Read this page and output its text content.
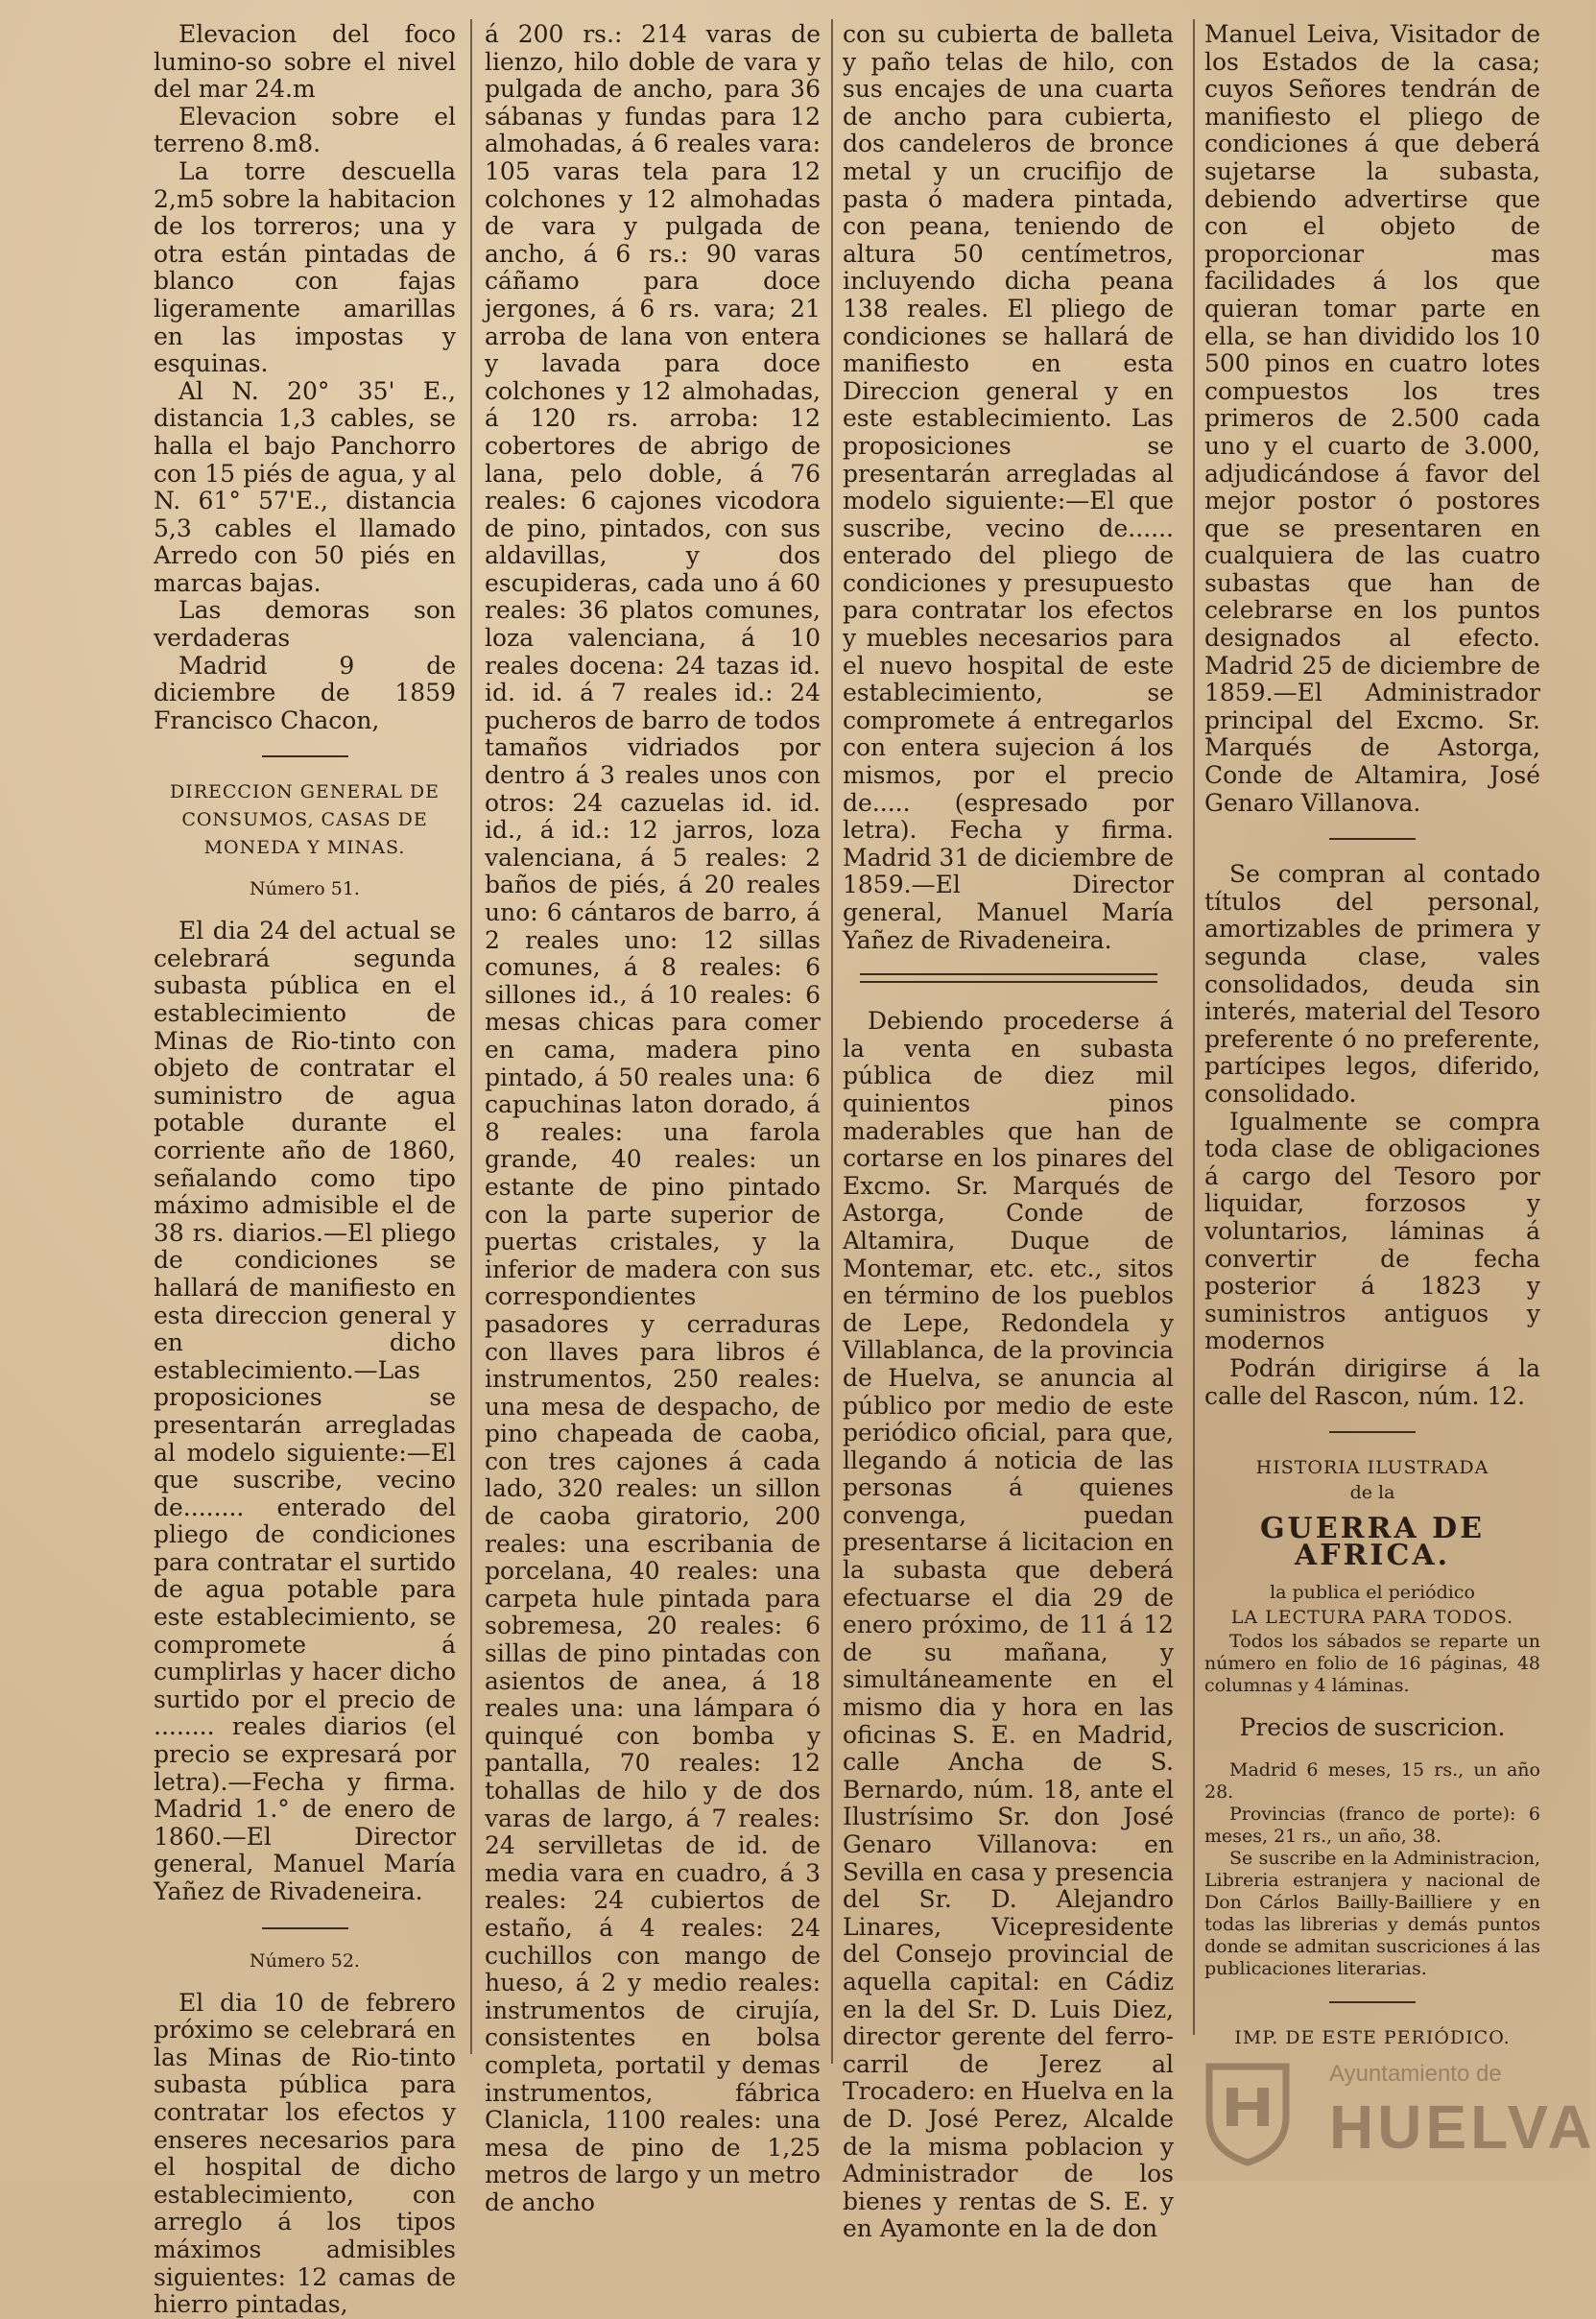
Elevacion del foco lumino-so sobre el nivel del mar 24.m

Elevacion sobre el terreno 8.m8.

La torre descuella 2,m5 sobre la habitacion de los torreros; una y otra están pintadas de blanco con fajas ligeramente amarillas en las impostas y esquinas.

Al N. 20° 35' E., distancia 1,3 cables, se halla el bajo Panchorro con 15 piés de agua, y al N. 61° 57'E., distancia 5,3 cables el llamado Arredo con 50 piés en marcas bajas.

Las demoras son verdaderas

Madrid 9 de diciembre de 1859 Francisco Chacon,

DIRECCION GENERAL DE CONSUMOS, CASAS DE MONEDA Y MINAS.

Número 51.

El dia 24 del actual se celebrará segunda subasta pública en el establecimiento de Minas de Rio-tinto con objeto de contratar el suministro de agua potable durante el corriente año de 1860, señalando como tipo máximo admisible el de 38 rs. diarios.—El pliego de condiciones se hallará de manifiesto en esta direccion general y en dicho establecimiento.—Las proposiciones se presentarán arregladas al modelo siguiente:—El que suscribe, vecino de........ enterado del pliego de condiciones para contratar el surtido de agua potable para este establecimiento, se compromete á cumplirlas y hacer dicho surtido por el precio de ........ reales diarios (el precio se expresará por letra).—Fecha y firma. Madrid 1.° de enero de 1860.—El Director general, Manuel María Yañez de Rivadeneira.

Número 52.

El dia 10 de febrero próximo se celebrará en las Minas de Rio-tinto subasta pública para contratar los efectos y enseres necesarios para el hospital de dicho establecimiento, con arreglo á los tipos máximos admisibles siguientes: 12 camas de hierro pintadas,

á 200 rs.: 214 varas de lienzo, hilo doble de vara y pulgada de ancho, para 36 sábanas y fundas para 12 almohadas, á 6 reales vara: 105 varas tela para 12 colchones y 12 almohadas de vara y pulgada de ancho, á 6 rs.: 90 varas cáñamo para doce jergones, á 6 rs. vara; 21 arroba de lana von entera y lavada para doce colchones y 12 almohadas, á 120 rs. arroba: 12 cobertores de abrigo de lana, pelo doble, á 76 reales: 6 cajones vicodora de pino, pintados, con sus aldavillas, y dos escupideras, cada uno á 60 reales: 36 platos comunes, loza valenciana, á 10 reales docena: 24 tazas id. id. id. á 7 reales id.: 24 pucheros de barro de todos tamaños vidriados por dentro á 3 reales unos con otros: 24 cazuelas id. id. id., á id.: 12 jarros, loza valenciana, á 5 reales: 2 baños de piés, á 20 reales uno: 6 cántaros de barro, á 2 reales uno: 12 sillas comunes, á 8 reales: 6 sillones id., á 10 reales: 6 mesas chicas para comer en cama, madera pino pintado, á 50 reales una: 6 capuchinas laton dorado, á 8 reales: una farola grande, 40 reales: un estante de pino pintado con la parte superior de puertas cristales, y la inferior de madera con sus correspondientes pasadores y cerraduras con llaves para libros é instrumentos, 250 reales: una mesa de despacho, de pino chapeada de caoba, con tres cajones á cada lado, 320 reales: un sillon de caoba giratorio, 200 reales: una escribania de porcelana, 40 reales: una carpeta hule pintada para sobremesa, 20 reales: 6 sillas de pino pintadas con asientos de anea, á 18 reales una: una lámpara ó quinqué con bomba y pantalla, 70 reales: 12 tohallas de hilo y de dos varas de largo, á 7 reales: 24 servilletas de id. de media vara en cuadro, á 3 reales: 24 cubiertos de estaño, á 4 reales: 24 cuchillos con mango de hueso, á 2 y medio reales: instrumentos de cirujía, consistentes en bolsa completa, portatil y demas instrumentos, fábrica Clanicla, 1100 reales: una mesa de pino de 1,25 metros de largo y un metro de ancho

con su cubierta de balleta y paño telas de hilo, con sus encajes de una cuarta de ancho para cubierta, dos candeleros de bronce metal y un crucifijo de pasta ó madera pintada, con peana, teniendo de altura 50 centímetros, incluyendo dicha peana 138 reales. El pliego de condiciones se hallará de manifiesto en esta Direccion general y en este establecimiento. Las proposiciones se presentarán arregladas al modelo siguiente:—El que suscribe, vecino de...... enterado del pliego de condiciones y presupuesto para contratar los efectos y muebles necesarios para el nuevo hospital de este establecimiento, se compromete á entregarlos con entera sujecion á los mismos, por el precio de..... (espresado por letra). Fecha y firma. Madrid 31 de diciembre de 1859.—El Director general, Manuel María Yañez de Rivadeneira.

Debiendo procederse á la venta en subasta pública de diez mil quinientos pinos maderables que han de cortarse en los pinares del Excmo. Sr. Marqués de Astorga, Conde de Altamira, Duque de Montemar, etc. etc., sitos en término de los pueblos de Lepe, Redondela y Villablanca, de la provincia de Huelva, se anuncia al público por medio de este periódico oficial, para que, llegando á noticia de las personas á quienes convenga, puedan presentarse á licitacion en la subasta que deberá efectuarse el dia 29 de enero próximo, de 11 á 12 de su mañana, y simultáneamente en el mismo dia y hora en las oficinas S. E. en Madrid, calle Ancha de S. Bernardo, núm. 18, ante el Ilustrísimo Sr. don José Genaro Villanova: en Sevilla en casa y presencia del Sr. D. Alejandro Linares, Vicepresidente del Consejo provincial de aquella capital: en Cádiz en la del Sr. D. Luis Diez, director gerente del ferro-carril de Jerez al Trocadero: en Huelva en la de D. José Perez, Alcalde de la misma poblacion y Administrador de los bienes y rentas de S. E. y en Ayamonte en la de don

Manuel Leiva, Visitador de los Estados de la casa; cuyos Señores tendrán de manifiesto el pliego de condiciones á que deberá sujetarse la subasta, debiendo advertirse que con el objeto de proporcionar mas facilidades á los que quieran tomar parte en ella, se han dividido los 10 500 pinos en cuatro lotes compuestos los tres primeros de 2.500 cada uno y el cuarto de 3.000, adjudicándose á favor del mejor postor ó postores que se presentaren en cualquiera de las cuatro subastas que han de celebrarse en los puntos designados al efecto. Madrid 25 de diciembre de 1859.—El Administrador principal del Excmo. Sr. Marqués de Astorga, Conde de Altamira, José Genaro Villanova.

Se compran al contado títulos del personal, amortizables de primera y segunda clase, vales consolidados, deuda sin interés, material del Tesoro preferente ó no preferente, partícipes legos, diferido, consolidado.

Igualmente se compra toda clase de obligaciones á cargo del Tesoro por liquidar, forzosos y voluntarios, láminas á convertir de fecha posterior á 1823 y suministros antiguos y modernos

Podrán dirigirse á la calle del Rascon, núm. 12.

HISTORIA ILUSTRADA

de la

GUERRA DE AFRICA.

la publica el periódico

LA LECTURA PARA TODOS.

Todos los sábados se reparte un número en folio de 16 páginas, 48 columnas y 4 láminas.

Precios de suscricion.

Madrid 6 meses, 15 rs., un año 28.

Provincias (franco de porte): 6 meses, 21 rs., un año, 38.

Se suscribe en la Administracion, Libreria estranjera y nacional de Don Cárlos Bailly-Bailliere y en todas las librerias y demás puntos donde se admitan suscriciones á las publicaciones literarias.

IMP. DE ESTE PERIÓDICO.

Ayuntamiento de
HUELVA
